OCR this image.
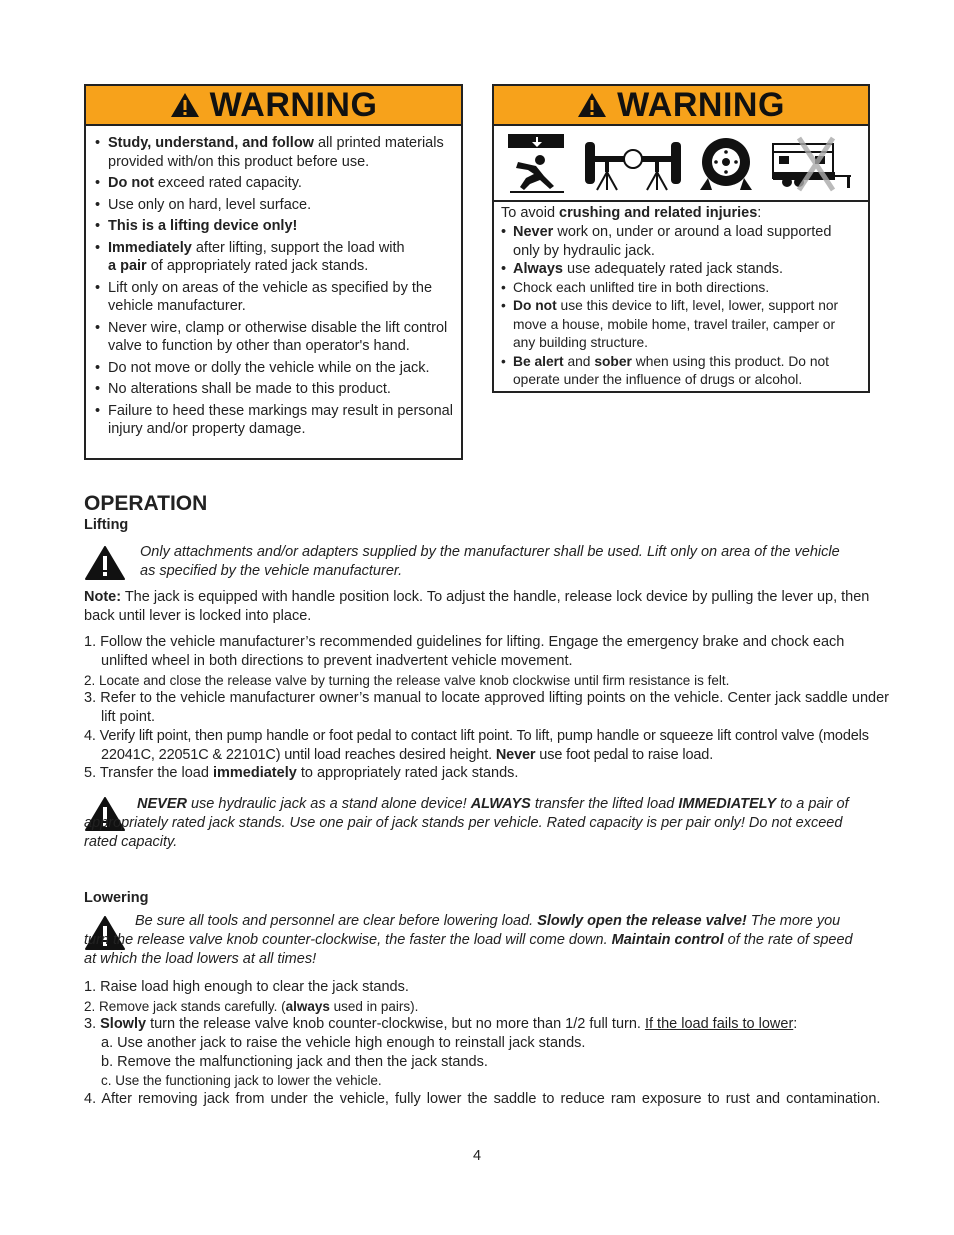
WARNING
• Study, understand, and follow all printed materials provided with/on this product before use.
• Do not exceed rated capacity.
• Use only on hard, level surface.
• This is a lifting device only!
• Immediately after lifting, support the load with
a pair of appropriately rated jack stands.
• Lift only on areas of the vehicle as specified by the vehicle manufacturer.
• Never wire, clamp or otherwise disable the lift control valve to function by other than operator's hand.
• Do not move or dolly the vehicle while on the jack.
• No alterations shall be made to this product.
• Failure to heed these markings may result in personal injury and/or property damage.
WARNING
To avoid crushing and related injuries:
• Never work on, under or around a load supported only by hydraulic jack.
• Always use adequately rated jack stands.
• Chock each unlifted tire in both directions.
• Do not use this device to lift, level, lower, support nor move a house, mobile home, travel trailer, camper or any building structure.
• Be alert and sober when using this product. Do not operate under the influence of drugs or alcohol.
OPERATION
Lifting
Only attachments and/or adapters supplied by the manufacturer shall be used. Lift only on area of the vehicle as specified by the vehicle manufacturer.
Note: The jack is equipped with handle position lock. To adjust the handle, release lock device by pulling the lever up, then back until lever is locked into place.
1. Follow the vehicle manufacturer’s recommended guidelines for lifting. Engage the emergency brake and chock each unlifted wheel in both directions to prevent inadvertent vehicle movement.
2. Locate and close the release valve by turning the release valve knob clockwise until firm resistance is felt.
3. Refer to the vehicle manufacturer owner’s manual to locate approved lifting points on the vehicle. Center jack saddle under lift point.
4. Verify lift point, then pump handle or foot pedal to contact lift point. To lift, pump handle or squeeze lift control valve (models 22041C, 22051C & 22101C) until load reaches desired height. Never use foot pedal to raise load.
5. Transfer the load immediately to appropriately rated jack stands.
NEVER use hydraulic jack as a stand alone device! ALWAYS transfer the lifted load IMMEDIATELY to a pair of appropriately rated jack stands. Use one pair of jack stands per vehicle. Rated capacity is per pair only! Do not exceed rated capacity.
Lowering
Be sure all tools and personnel are clear before lowering load. Slowly open the release valve! The more you turn the release valve knob counter-clockwise, the faster the load will come down. Maintain control of the rate of speed at which the load lowers at all times!
1. Raise load high enough to clear the jack stands.
2. Remove jack stands carefully. (always used in pairs).
3. Slowly turn the release valve knob counter-clockwise, but no more than 1/2 full turn. If the load fails to lower:
a. Use another jack to raise the vehicle high enough to reinstall jack stands.
b. Remove the malfunctioning jack and then the jack stands.
c. Use the functioning jack to lower the vehicle.
4. After removing jack from under the vehicle, fully lower the saddle to reduce ram exposure to rust and contamination.
4
